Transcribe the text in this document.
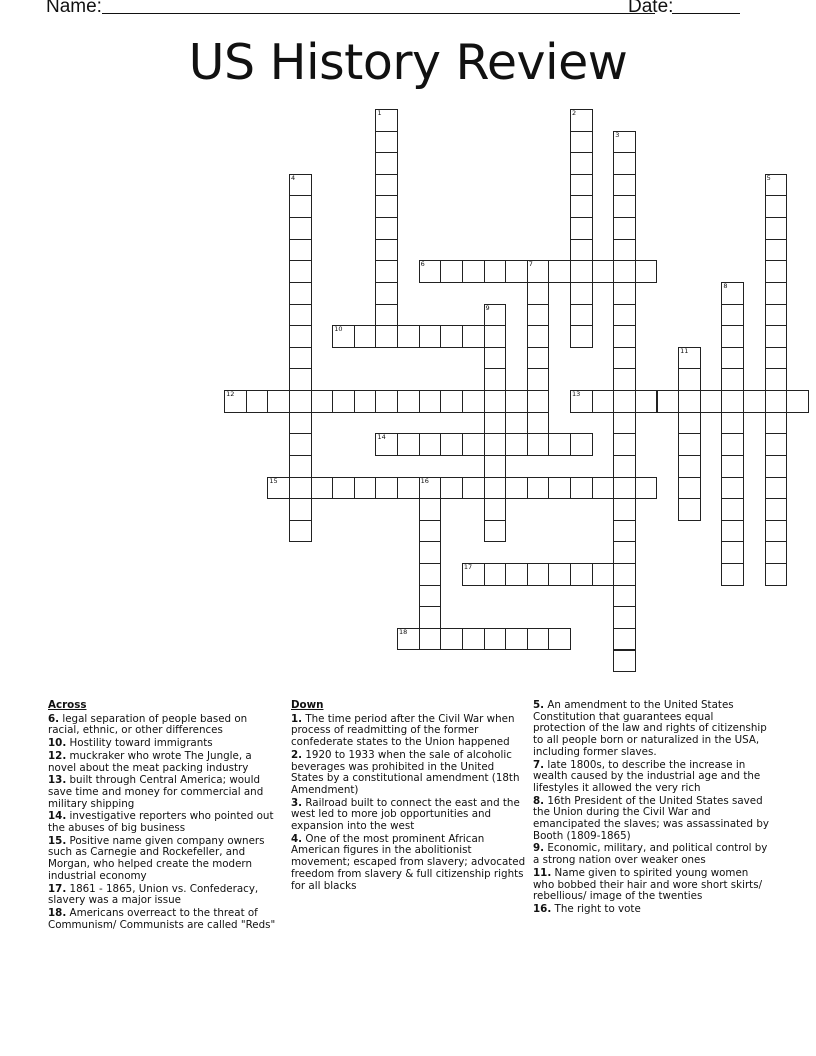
Name:	Date:
US History Review
1	2
3
4	5
6	7
8
9
10
11
12	13
14
15	16
17
18
Across
6. legal separation of people based on racial, ethnic, or other differences
10. Hostility toward immigrants
12. muckraker who wrote The Jungle, a novel about the meat packing industry
13. built through Central America; would save time and money for commercial and military shipping
14. investigative reporters who pointed out the abuses of big business
15. Positive name given company owners such as Carnegie and Rockefeller, and Morgan, who helped create the modern industrial economy
17. 1861 - 1865, Union vs. Confederacy, slavery was a major issue
18. Americans overreact to the threat of Communism/ Communists are called "Reds"
Down
1. The time period after the Civil War when process of readmitting of the former confederate states to the Union happened
2. 1920 to 1933 when the sale of alcoholic beverages was prohibited in the United States by a constitutional amendment (18th Amendment)
3. Railroad built to connect the east and the west led to more job opportunities and expansion into the west
4. One of the most prominent African American figures in the abolitionist movement; escaped from slavery; advocated freedom from slavery & full citizenship rights for all blacks
5. An amendment to the United States Constitution that guarantees equal protection of the law and rights of citizenship to all people born or naturalized in the USA, including former slaves.
7. late 1800s, to describe the increase in wealth caused by the industrial age and the lifestyles it allowed the very rich
8. 16th President of the United States saved the Union during the Civil War and emancipated the slaves; was assassinated by Booth (1809-1865)
9. Economic, military, and political control by a strong nation over weaker ones
11. Name given to spirited young women who bobbed their hair and wore short skirts/ rebellious/ image of the twenties
16. The right to vote
